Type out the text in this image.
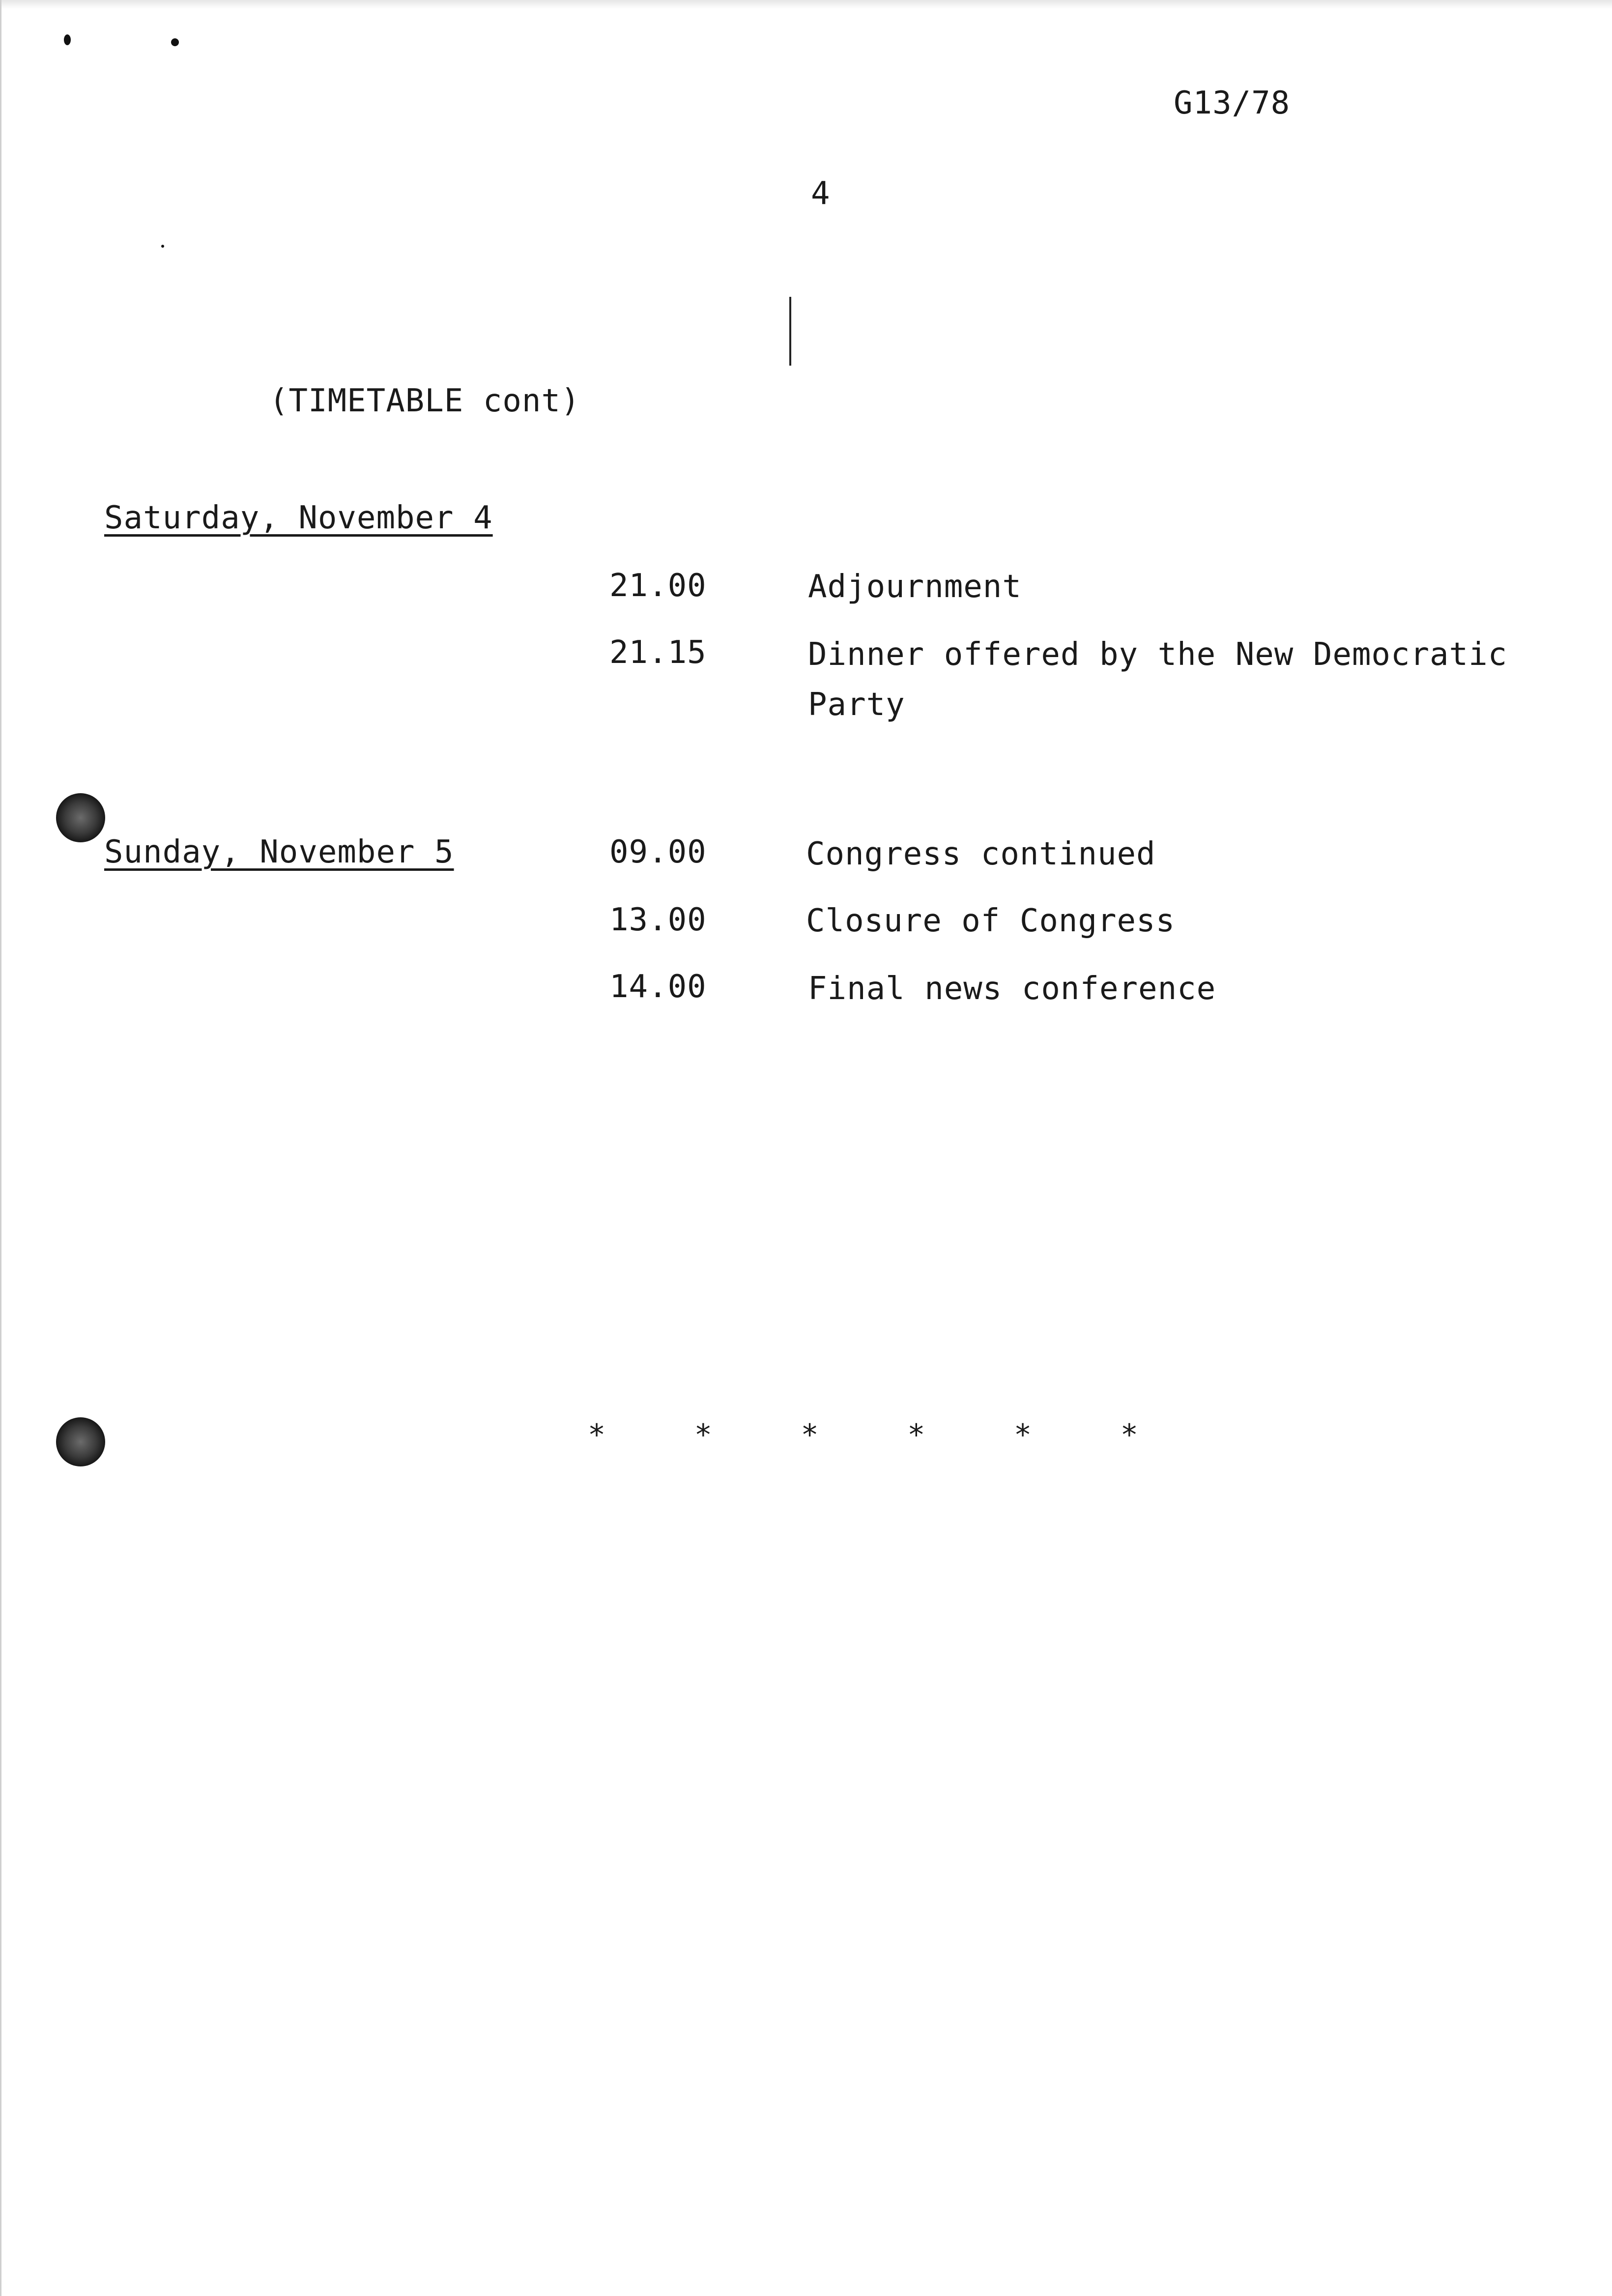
G13/78
4
(TIMETABLE cont)
Saturday, November 4
21.00	Adjournment
21.15	Dinner offered by the New Democratic
Party
Sunday, November 5	09.00	Congress continued
13.00	Closure of Congress
14.00	Final news conference
*     *     *     *     *     *
